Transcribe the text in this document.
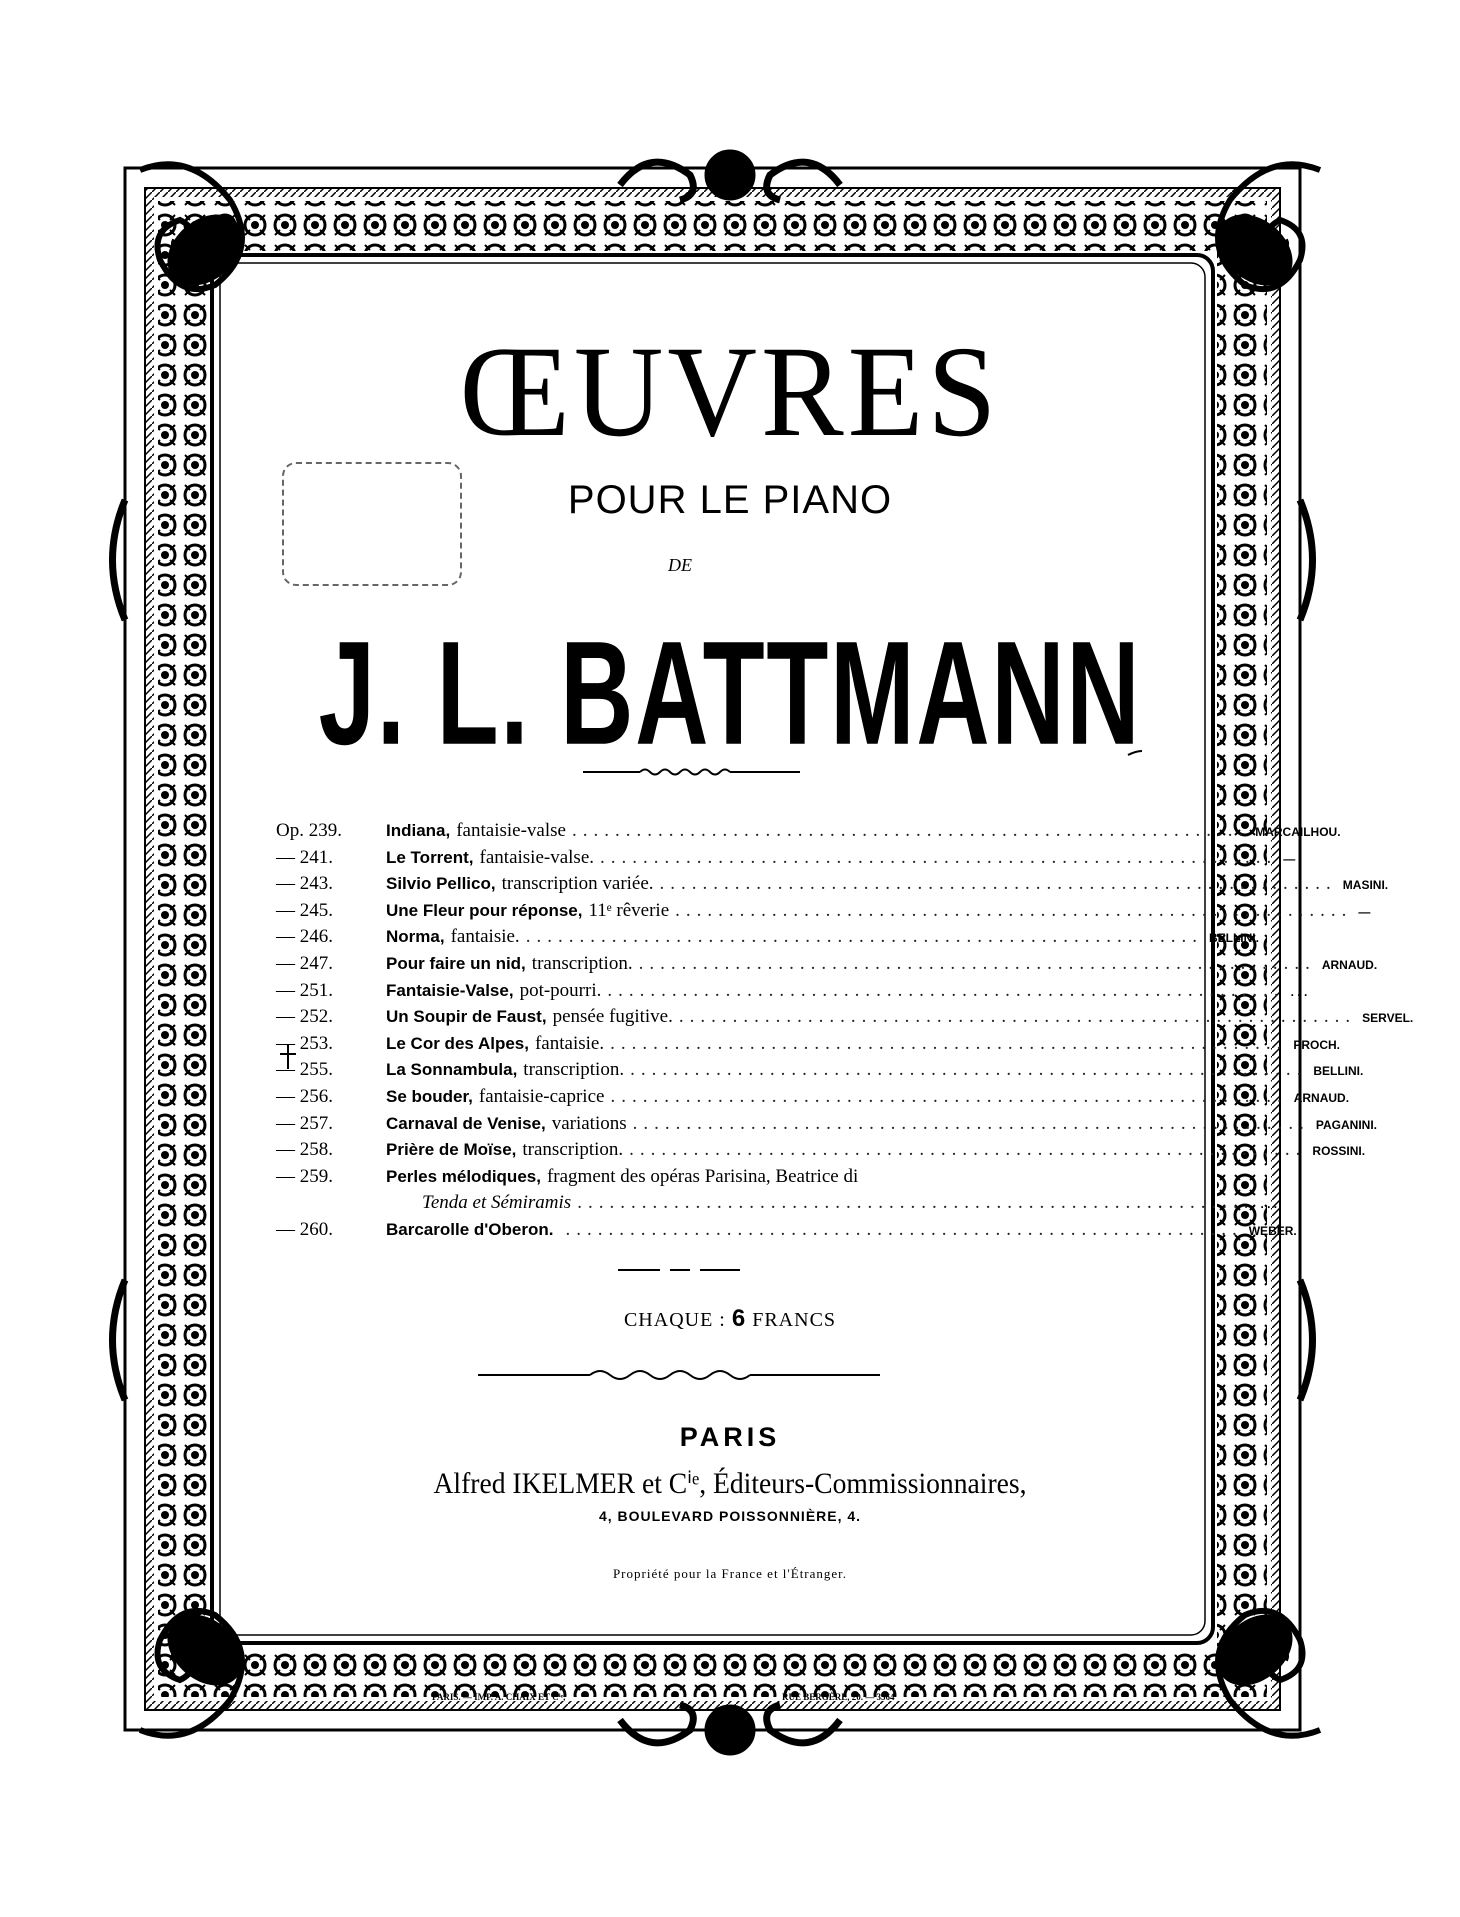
ŒUVRES
POUR LE PIANO
DE
J. L. BATTMANN
Op. 239.	Indiana, fantaisie-valse ............................................................... MARCAILHOU.
— 241.	Le Torrent, fantaisie-valse. ............................................................... —
— 243.	Silvio Pellico, transcription variée. ............................................................... MASINI.
— 245.	Une Fleur pour réponse, 11ᵉ rêverie ............................................................... —
— 246.	Norma, fantaisie. ............................................................... BELLINI.
— 247.	Pour faire un nid, transcription. ............................................................... ARNAUD.
— 251.	Fantaisie-Valse, pot-pourri. ............................................................... . . .
— 252.	Un Soupir de Faust, pensée fugitive. ............................................................... SERVEL.
— 253.	Le Cor des Alpes, fantaisie. ............................................................... PROCH.
— 255.	La Sonnambula, transcription. ............................................................... BELLINI.
— 256.	Se bouder, fantaisie-caprice ............................................................... ARNAUD.
— 257.	Carnaval de Venise, variations ............................................................... PAGANINI.
— 258.	Prière de Moïse, transcription. ............................................................... ROSSINI.
— 259.	Perles mélodiques, fragment des opéras Parisina, Beatrice di
Tenda et Sémiramis ............................................................... . . .
— 260.	Barcarolle d'Oberon. ............................................................... WEBER.
CHAQUE : 6 FRANCS
PARIS
Alfred IKELMER et Cⁱᵉ, Éditeurs-Commissionnaires,
4, BOULEVARD POISSONNIÈRE, 4.
Propriété pour la France et l'Étranger.
PARIS. — IMP. A. CHAIX ET Cⁱᵉ,	RUE BERGÈRE, 20. — 3564
